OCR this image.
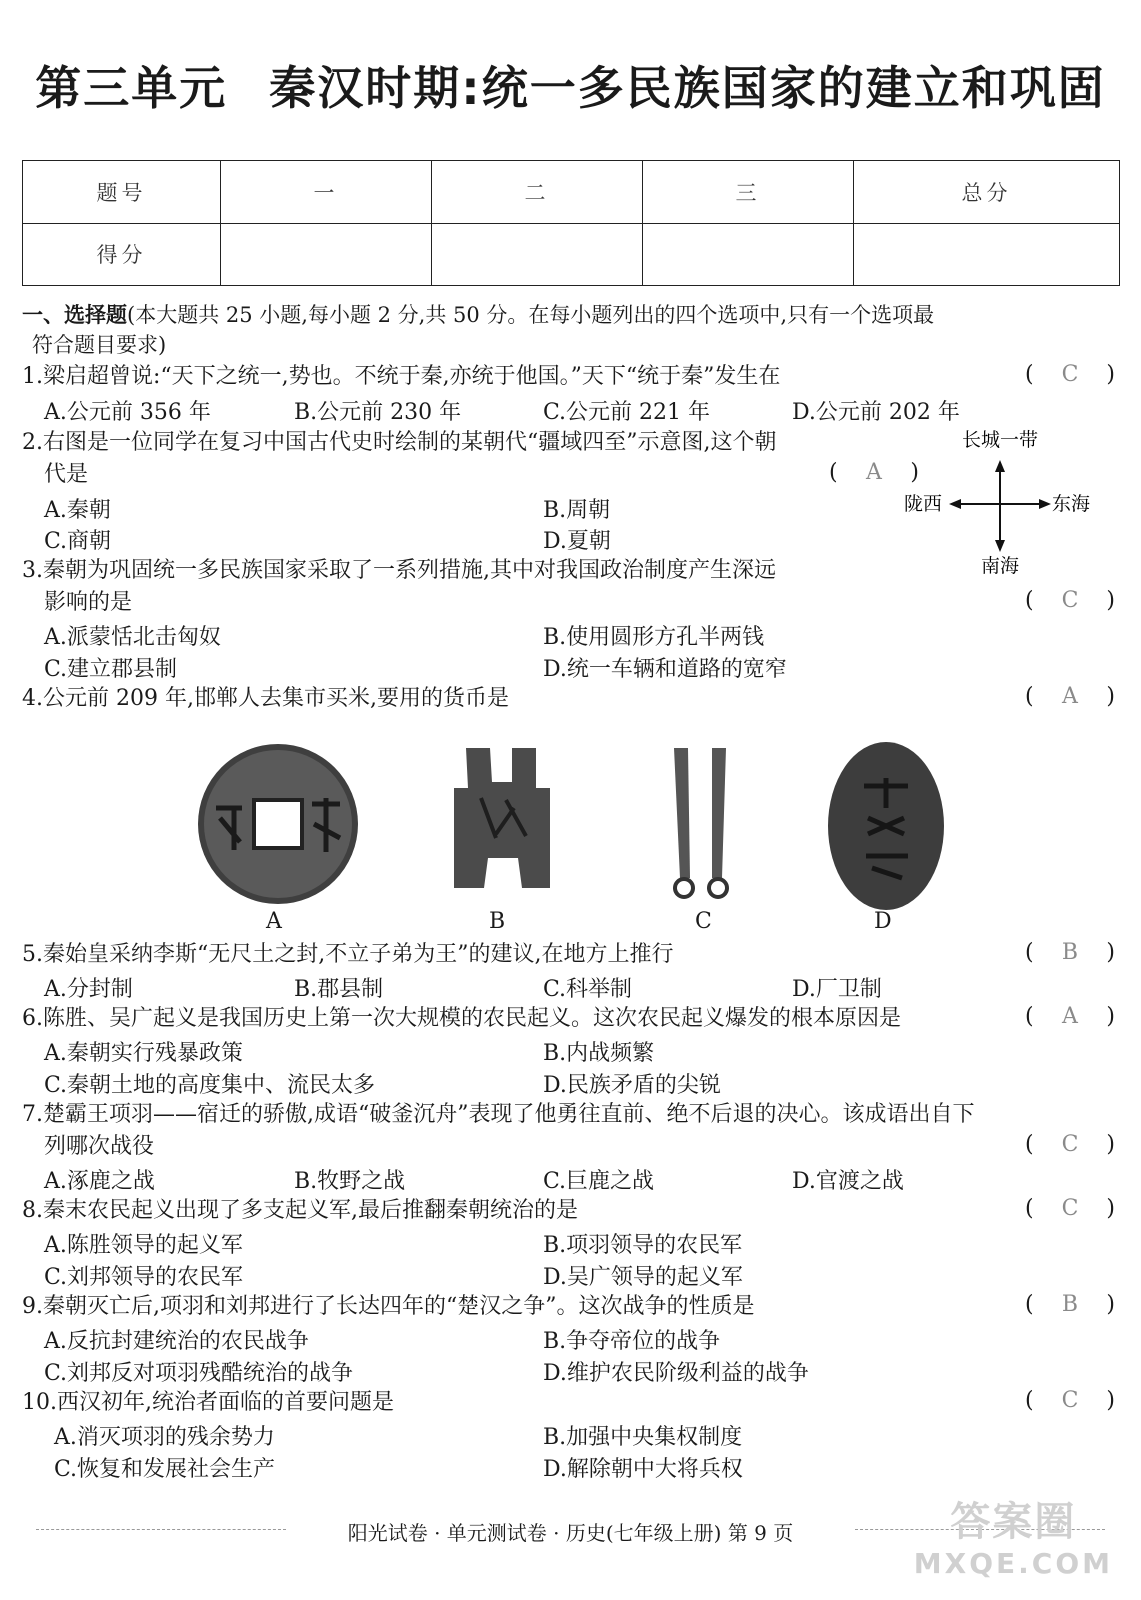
第三单元 秦汉时期:统一多民族国家的建立和巩固
题号	一	二	三	总分
得分				
一、选择题(本大题共 25 小题,每小题 2 分,共 50 分。在每小题列出的四个选项中,只有一个选项最
符合题目要求)
1.梁启超曾说:“天下之统一,势也。不统于秦,亦统于他国。”天下“统于秦”发生在	( C )
A.公元前 356 年	B.公元前 230 年	C.公元前 221 年	D.公元前 202 年
2.右图是一位同学在复习中国古代史时绘制的某朝代“疆域四至”示意图,这个朝
代是	( A )
A.秦朝	B.周朝
C.商朝	D.夏朝
长城一带
陇西	东海
南海
3.秦朝为巩固统一多民族国家采取了一系列措施,其中对我国政治制度产生深远
影响的是	( C )
A.派蒙恬北击匈奴	B.使用圆形方孔半两钱
C.建立郡县制	D.统一车辆和道路的宽窄
4.公元前 209 年,邯郸人去集市买米,要用的货币是	( A )
A	B	C	D
5.秦始皇采纳李斯“无尺土之封,不立子弟为王”的建议,在地方上推行	( B )
A.分封制	B.郡县制	C.科举制	D.厂卫制
6.陈胜、吴广起义是我国历史上第一次大规模的农民起义。这次农民起义爆发的根本原因是	( A )
A.秦朝实行残暴政策	B.内战频繁
C.秦朝土地的高度集中、流民太多	D.民族矛盾的尖锐
7.楚霸王项羽——宿迁的骄傲,成语“破釜沉舟”表现了他勇往直前、绝不后退的决心。该成语出自下
列哪次战役	( C )
A.涿鹿之战	B.牧野之战	C.巨鹿之战	D.官渡之战
8.秦末农民起义出现了多支起义军,最后推翻秦朝统治的是	( C )
A.陈胜领导的起义军	B.项羽领导的农民军
C.刘邦领导的农民军	D.吴广领导的起义军
9.秦朝灭亡后,项羽和刘邦进行了长达四年的“楚汉之争”。这次战争的性质是	( B )
A.反抗封建统治的农民战争	B.争夺帝位的战争
C.刘邦反对项羽残酷统治的战争	D.维护农民阶级利益的战争
10.西汉初年,统治者面临的首要问题是	( C )
A.消灭项羽的残余势力	B.加强中央集权制度
C.恢复和发展社会生产	D.解除朝中大将兵权
阳光试卷 · 单元测试卷 · 历史(七年级上册) 第 9 页	答案圈
MXQE.COM
